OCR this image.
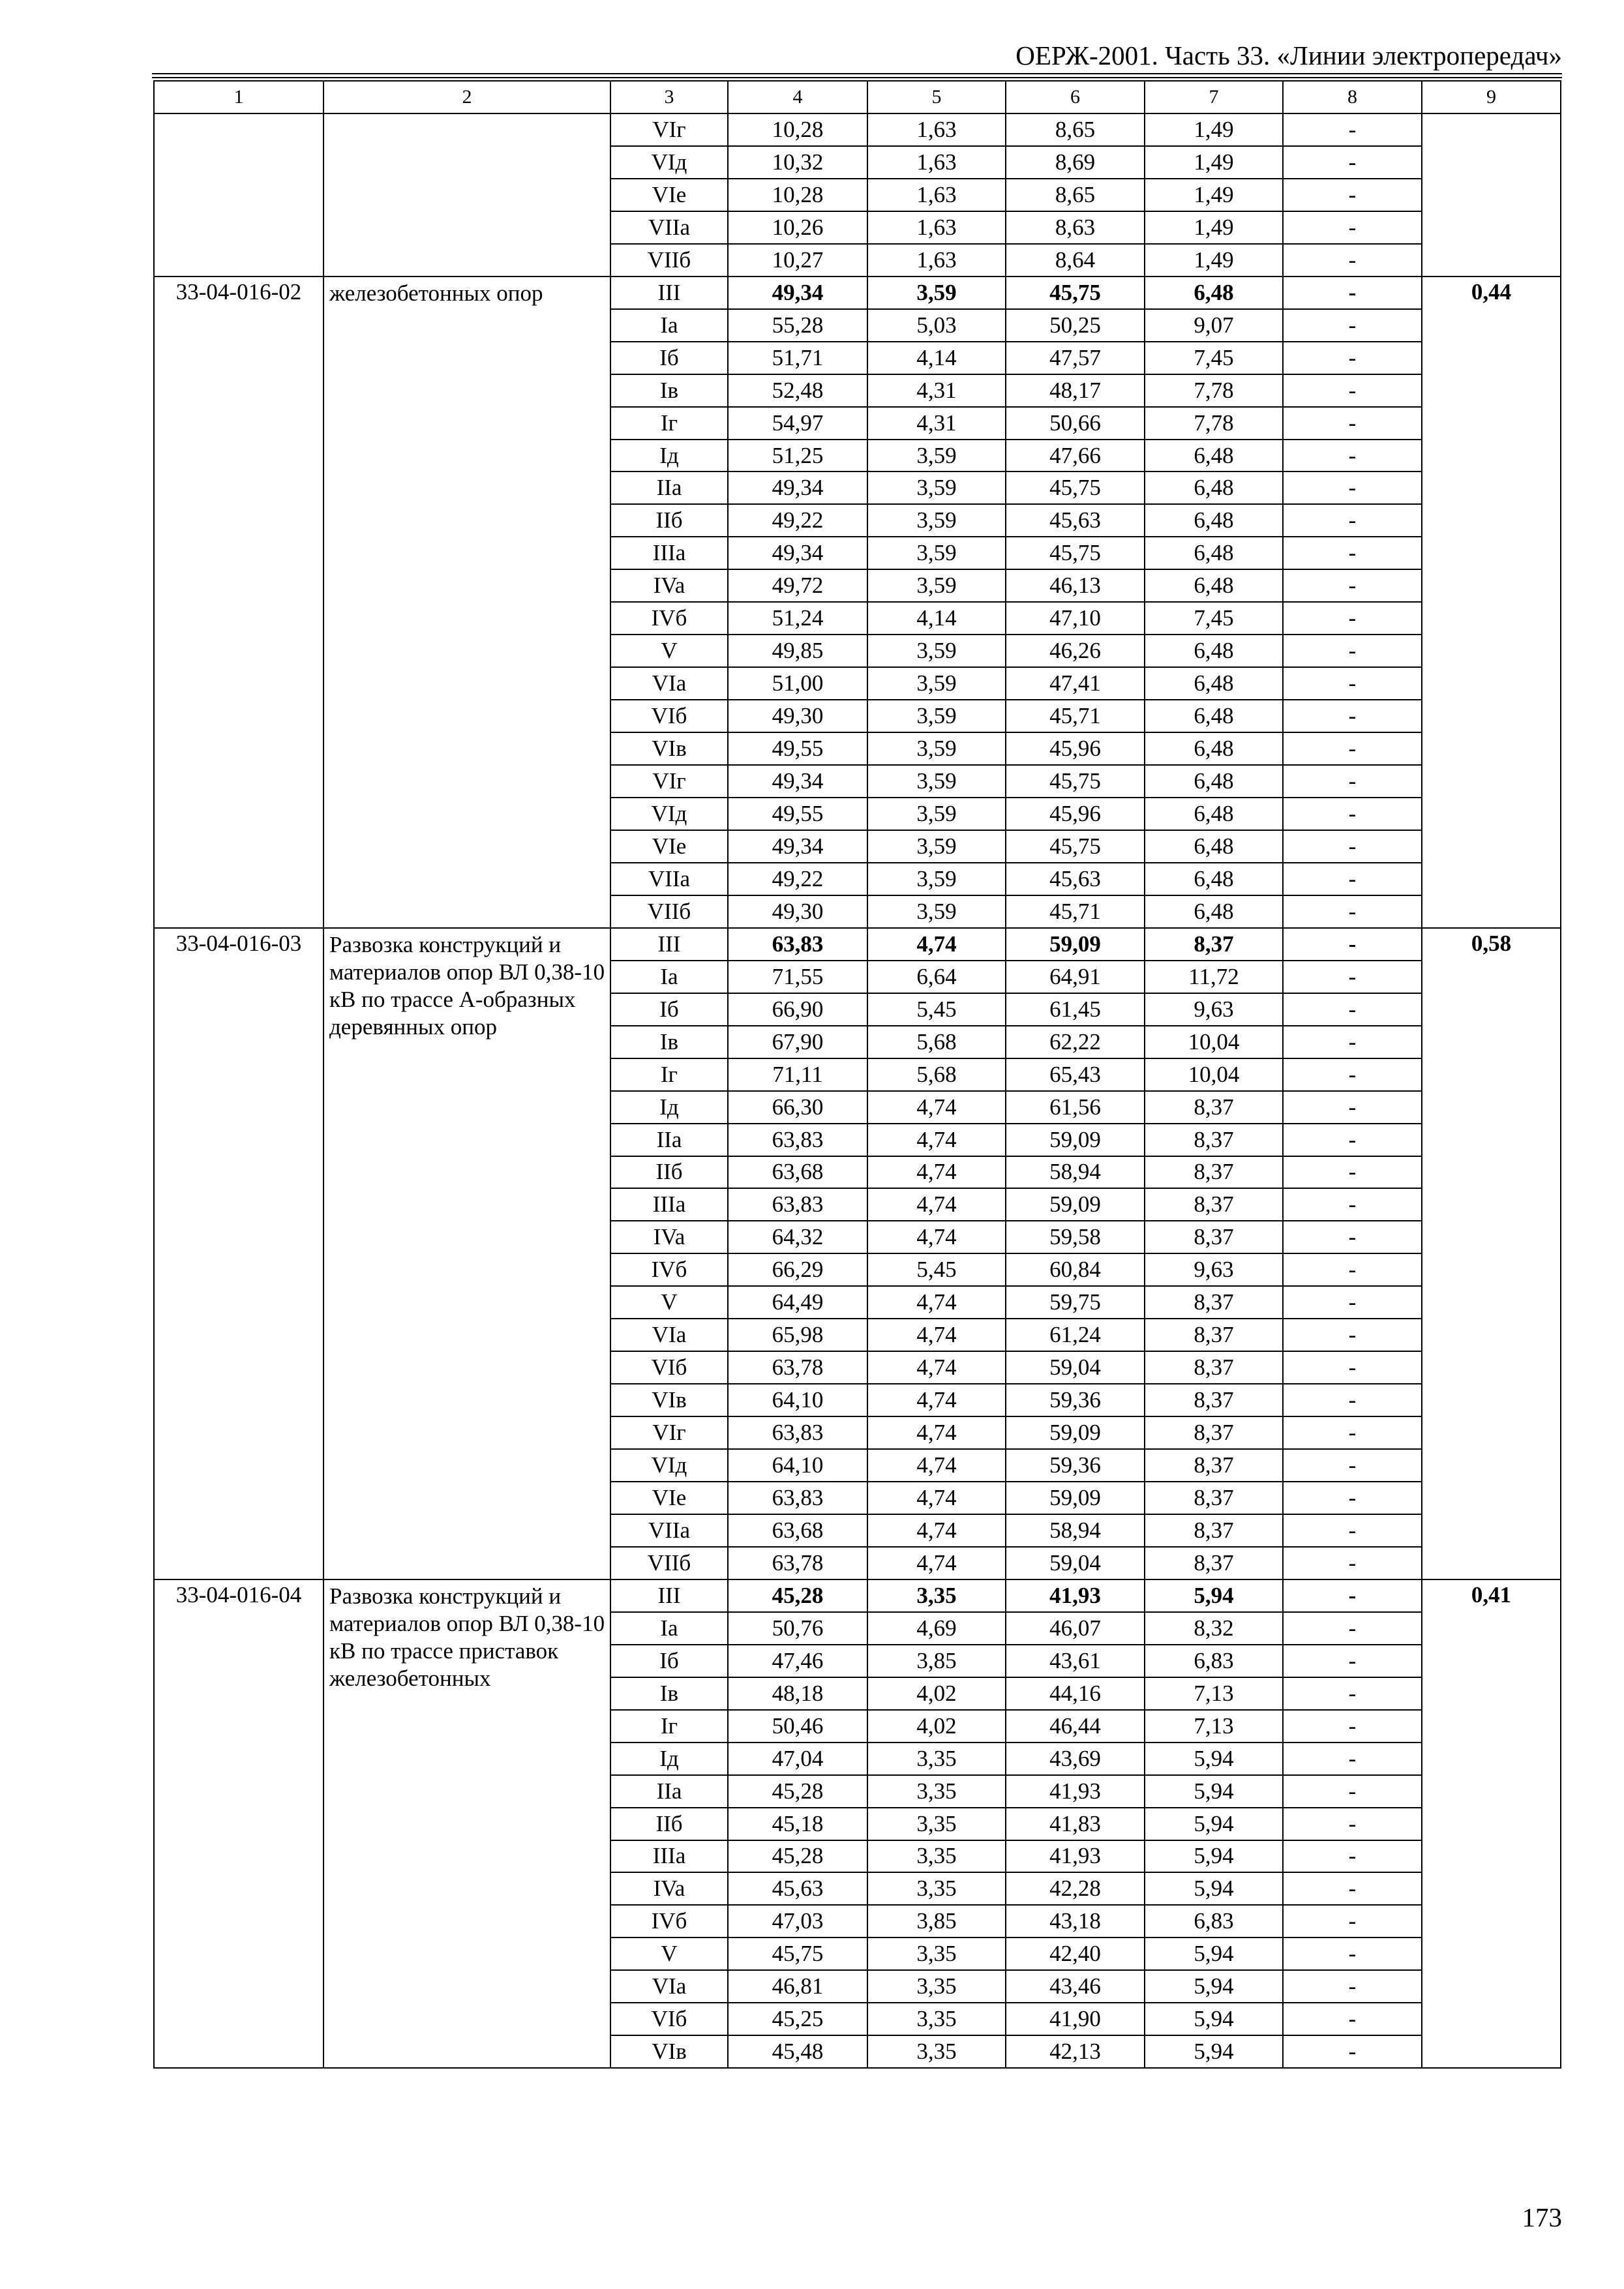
ОЕРЖ-2001. Часть 33. «Линии электропередач»
1	2	3	4	5	6	7	8	9
		VIг	10,28	1,63	8,65	1,49	-	
		VIд	10,32	1,63	8,69	1,49	-	
		VIe	10,28	1,63	8,65	1,49	-	
		VIIа	10,26	1,63	8,63	1,49	-	
		VIIб	10,27	1,63	8,64	1,49	-	
33-04-016-02	железобетонных опор	III	49,34	3,59	45,75	6,48	-	0,44
		Ia	55,28	5,03	50,25	9,07	-	
		Iб	51,71	4,14	47,57	7,45	-	
		Iв	52,48	4,31	48,17	7,78	-	
		Iг	54,97	4,31	50,66	7,78	-	
		Iд	51,25	3,59	47,66	6,48	-	
		IIa	49,34	3,59	45,75	6,48	-	
		IIб	49,22	3,59	45,63	6,48	-	
		IIIa	49,34	3,59	45,75	6,48	-	
		IVa	49,72	3,59	46,13	6,48	-	
		IVб	51,24	4,14	47,10	7,45	-	
		V	49,85	3,59	46,26	6,48	-	
		VIa	51,00	3,59	47,41	6,48	-	
		VIб	49,30	3,59	45,71	6,48	-	
		VIв	49,55	3,59	45,96	6,48	-	
		VIг	49,34	3,59	45,75	6,48	-	
		VIд	49,55	3,59	45,96	6,48	-	
		VIe	49,34	3,59	45,75	6,48	-	
		VIIa	49,22	3,59	45,63	6,48	-	
		VIIб	49,30	3,59	45,71	6,48	-	
33-04-016-03	Развозка конструкций и материалов опор ВЛ 0,38-10 кВ по трассе А-образных деревянных опор	III	63,83	4,74	59,09	8,37	-	0,58
		Ia	71,55	6,64	64,91	11,72	-	
		Iб	66,90	5,45	61,45	9,63	-	
		Iв	67,90	5,68	62,22	10,04	-	
		Iг	71,11	5,68	65,43	10,04	-	
		Iд	66,30	4,74	61,56	8,37	-	
		IIa	63,83	4,74	59,09	8,37	-	
		IIб	63,68	4,74	58,94	8,37	-	
		IIIa	63,83	4,74	59,09	8,37	-	
		IVa	64,32	4,74	59,58	8,37	-	
		IVб	66,29	5,45	60,84	9,63	-	
		V	64,49	4,74	59,75	8,37	-	
		VIa	65,98	4,74	61,24	8,37	-	
		VIб	63,78	4,74	59,04	8,37	-	
		VIв	64,10	4,74	59,36	8,37	-	
		VIг	63,83	4,74	59,09	8,37	-	
		VIд	64,10	4,74	59,36	8,37	-	
		VIe	63,83	4,74	59,09	8,37	-	
		VIIa	63,68	4,74	58,94	8,37	-	
		VIIб	63,78	4,74	59,04	8,37	-	
33-04-016-04	Развозка конструкций и материалов опор ВЛ 0,38-10 кВ по трассе приставок железобетонных	III	45,28	3,35	41,93	5,94	-	0,41
		Ia	50,76	4,69	46,07	8,32	-	
		Iб	47,46	3,85	43,61	6,83	-	
		Iв	48,18	4,02	44,16	7,13	-	
		Iг	50,46	4,02	46,44	7,13	-	
		Iд	47,04	3,35	43,69	5,94	-	
		IIa	45,28	3,35	41,93	5,94	-	
		IIб	45,18	3,35	41,83	5,94	-	
		IIIa	45,28	3,35	41,93	5,94	-	
		IVa	45,63	3,35	42,28	5,94	-	
		IVб	47,03	3,85	43,18	6,83	-	
		V	45,75	3,35	42,40	5,94	-	
		VIa	46,81	3,35	43,46	5,94	-	
		VIб	45,25	3,35	41,90	5,94	-	
		VIв	45,48	3,35	42,13	5,94	-	
173
